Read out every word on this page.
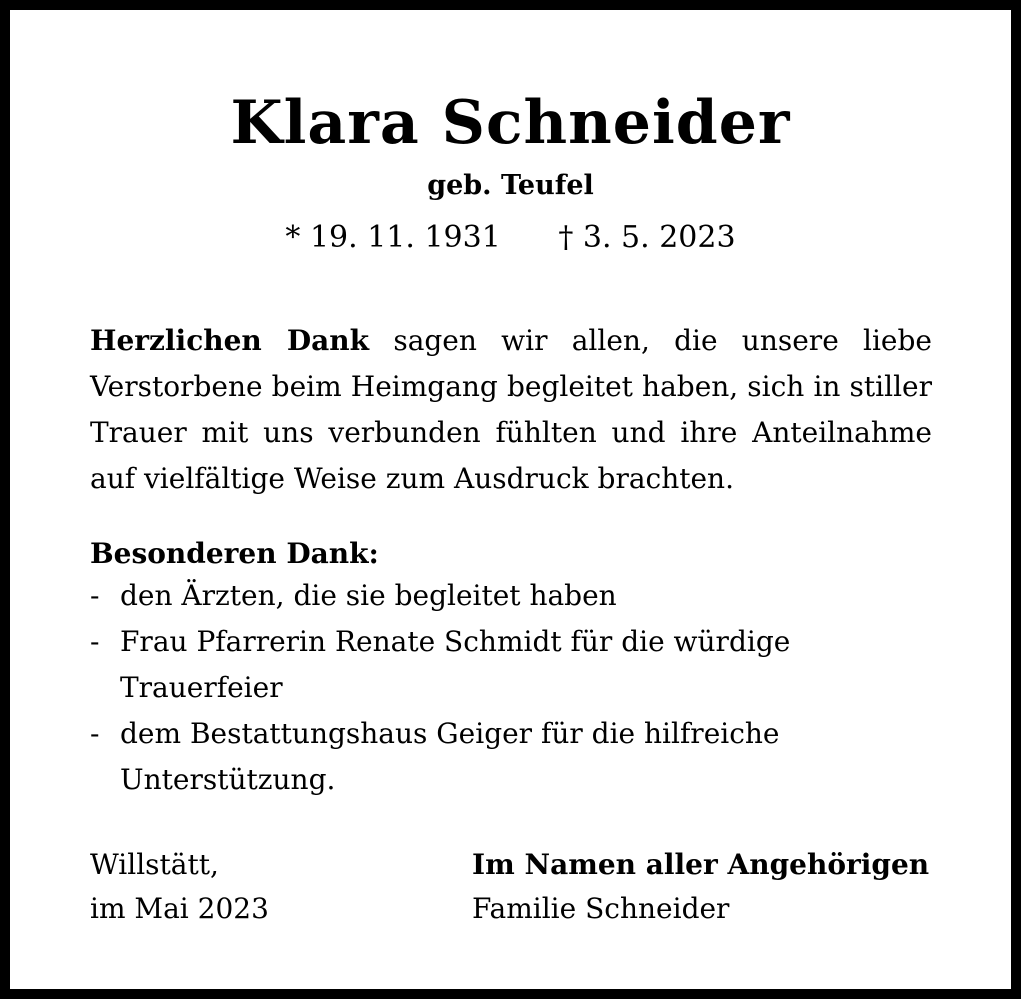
Klara Schneider
geb. Teufel
* 19. 11. 1931 † 3. 5. 2023

Herzlichen Dank sagen wir allen, die unsere liebe Verstorbene beim Heimgang begleitet haben, sich in stiller Trauer mit uns verbunden fühlten und ihre Anteilnahme auf vielfältige Weise zum Ausdruck brachten.

Besonderen Dank:
- den Ärzten, die sie begleitet haben
- Frau Pfarrerin Renate Schmidt für die würdige Trauerfeier
- dem Bestattungshaus Geiger für die hilfreiche Unterstützung.
Willstätt,
im Mai 2023
Im Namen aller Angehörigen
Familie Schneider
